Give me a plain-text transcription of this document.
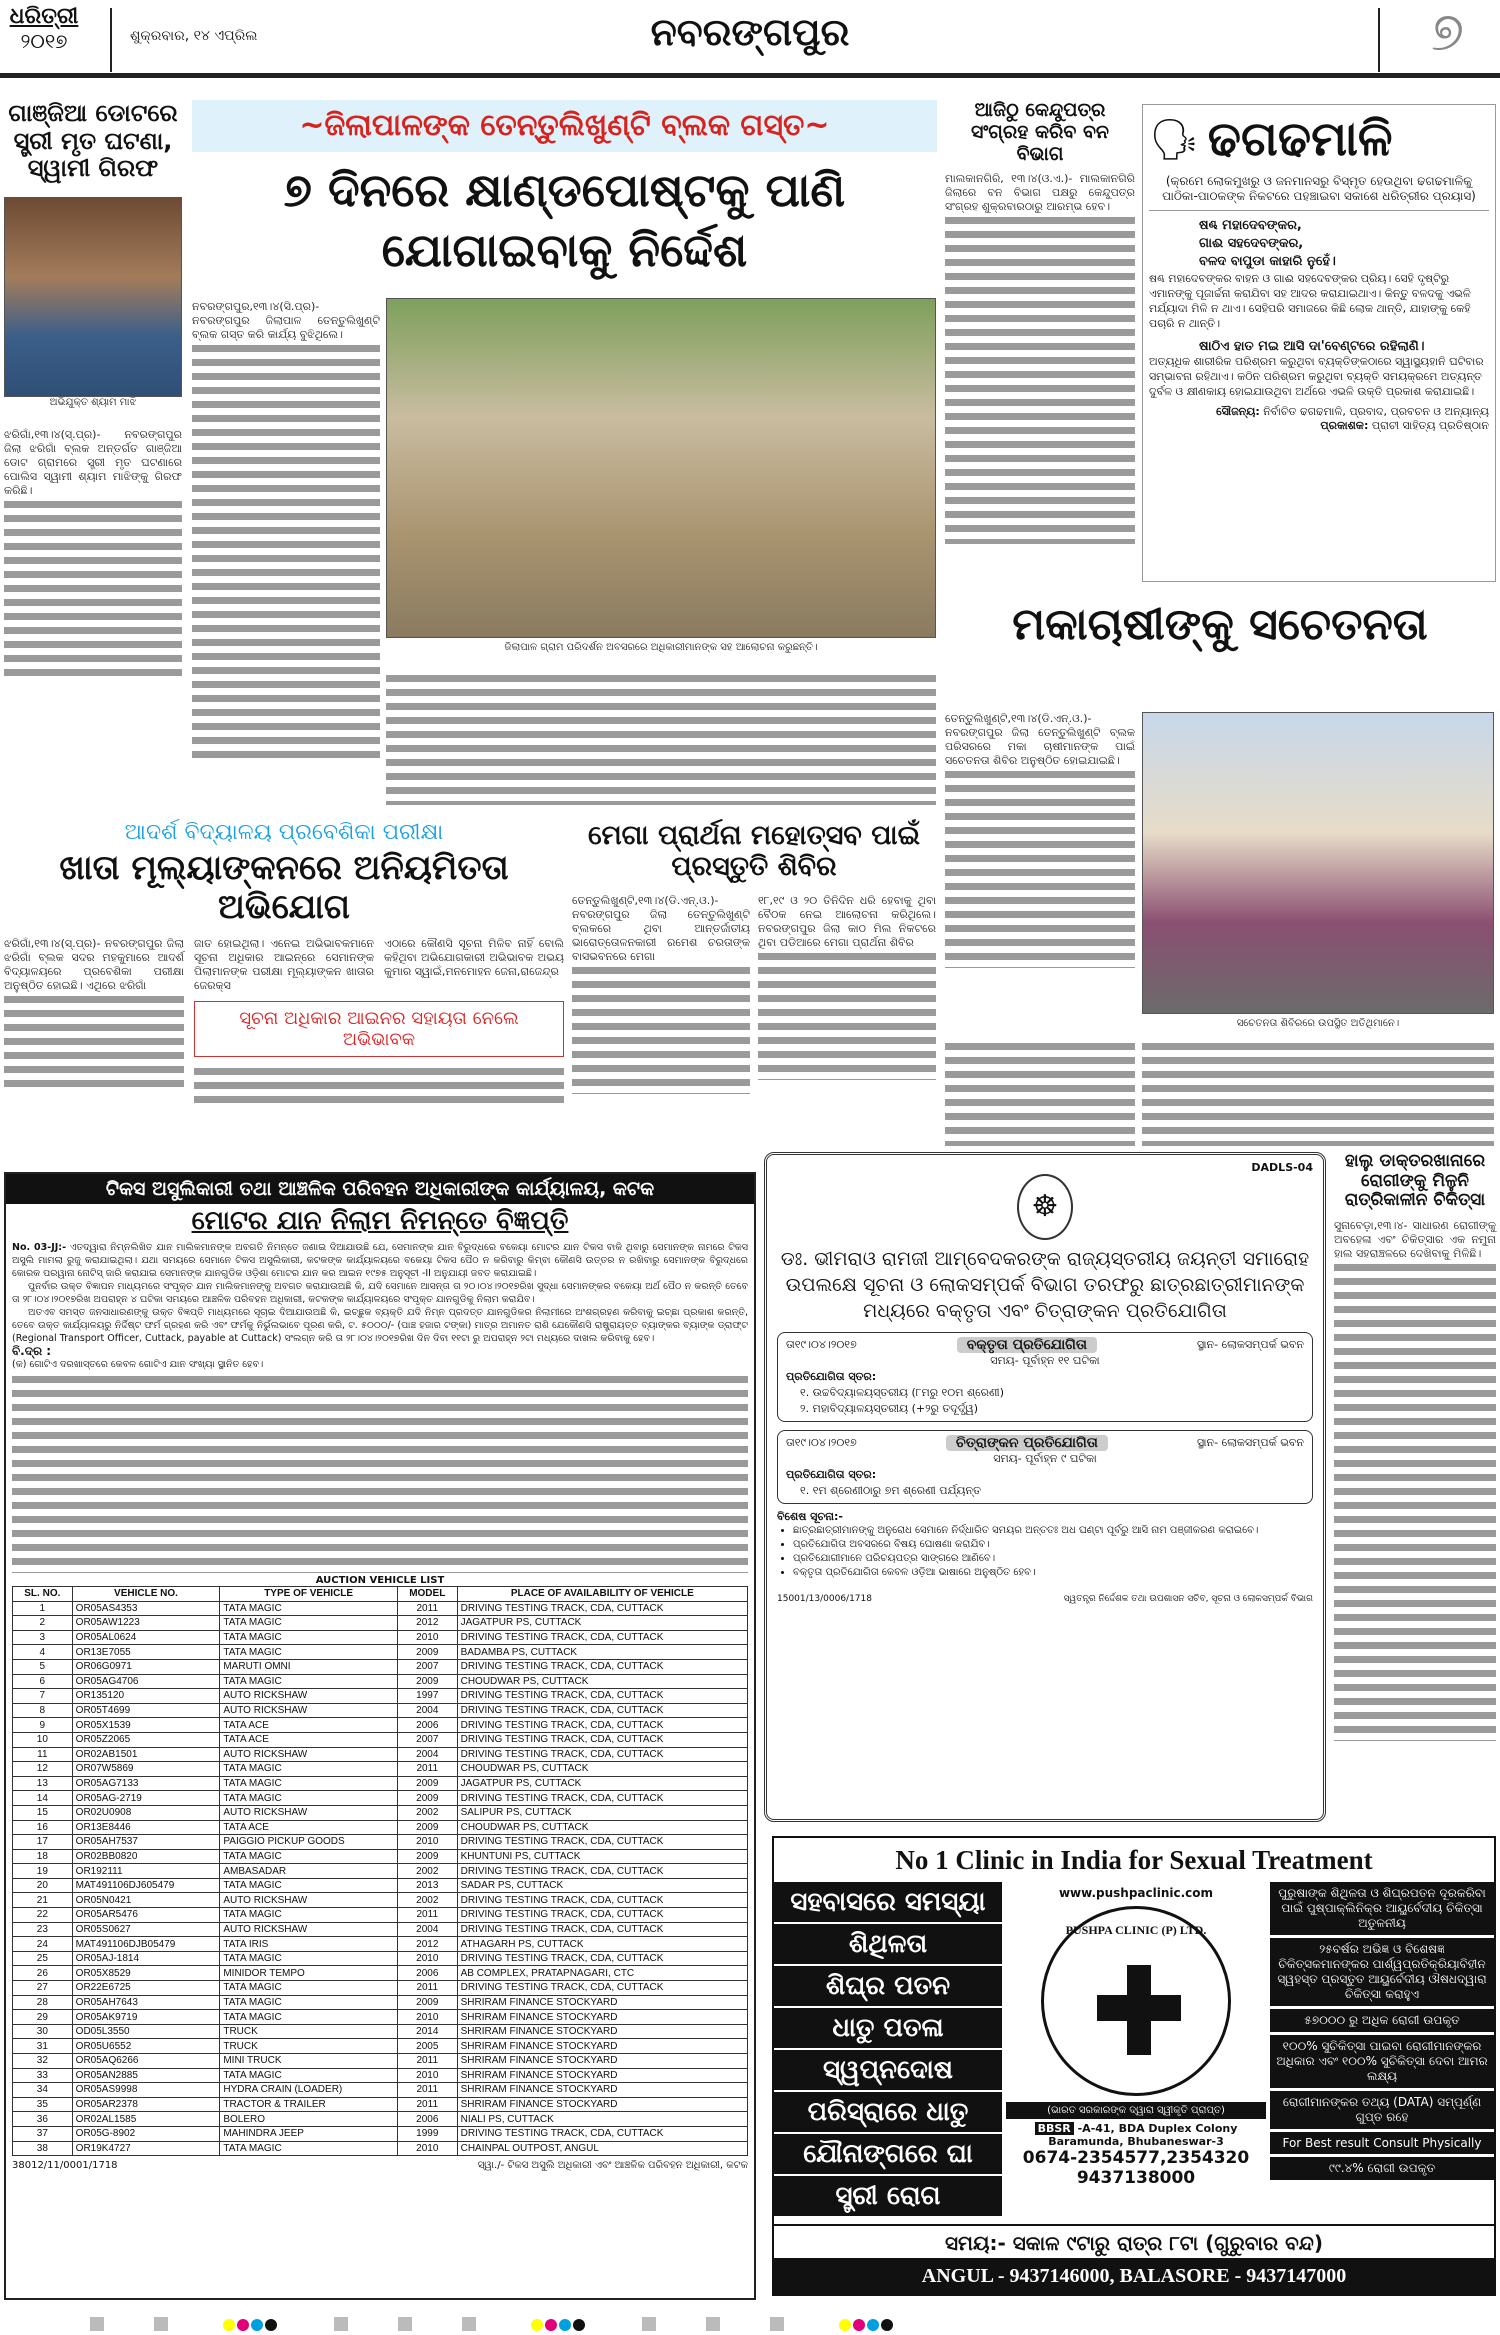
ଧରିତ୍ରୀ
୨୦୧୭	ଶୁକ୍ରବାର, ୧୪ ଏପ୍ରିଲ	ନବରଙ୍ଗପୁର	୭
ଗାଞ୍ଜିଆ ଡୋଟରେ ସ୍ତ୍ରୀ ମୃତ ଘଟଣା, ସ୍ୱାମୀ ଗିରଫ
ଅଭିଯୁକ୍ତ ଶ୍ୟାମ ମାଝି
ଝରିଗାଁ,୧୩।୪(ସ୍.ପ୍ର)- ନବରଙ୍ଗପୁର ଜିଲା ଝରିଗାଁ ବ୍ଲକ ଅନ୍ତର୍ଗତ ଗାଞ୍ଜିଆ ଡୋଟ ଗ୍ରାମରେ ସ୍ତ୍ରୀ ମୃତ ଘଟଣାରେ ପୋଲିସ ସ୍ୱାମୀ ଶ୍ୟାମ ମାଝିଙ୍କୁ ଗିରଫ କରିଛି।
~ଜିଲାପାଳଙ୍କ ତେନ୍ତୁଲିଖୁଣ୍ଟି ବ୍ଲକ ଗସ୍ତ~
୭ ଦିନରେ କ୍ଷାଣ୍ଡପୋଷ୍ଟକୁ ପାଣି ଯୋଗାଇବାକୁ ନିର୍ଦ୍ଦେଶ
ନବରଙ୍ଗପୁର,୧୩।୪(ସି.ପ୍ର)- ନବରଙ୍ଗପୁର ଜିଲାପାଳ ତେନ୍ତୁଲିଖୁଣ୍ଟି ବ୍ଲକ ଗସ୍ତ କରି କାର୍ଯ୍ୟ ବୁଝିଥିଲେ।
ଜିଲାପାଳ ଗ୍ରାମ ପରିଦର୍ଶନ ଅବସରରେ ଅଧିକାରୀମାନଙ୍କ ସହ ଆଲୋଚନା କରୁଛନ୍ତି।
ଆଜିଠୁ କେନ୍ଦୁପତ୍ର ସଂଗ୍ରହ କରିବ ବନ ବିଭାଗ
ମାଲକାନଗିରି, ୧୩।୪(ଓ.ଏ.)- ମାଲକାନଗିରି ଜିଲାରେ ବନ ବିଭାଗ ପକ୍ଷରୁ କେନ୍ଦୁପତ୍ର ସଂଗ୍ରହ ଶୁକ୍ରବାରଠାରୁ ଆରମ୍ଭ ହେବ।
🗣 ଢଗଢମାଳି
(କ୍ରମେ ଲୋକମୁଖରୁ ଓ ଜନମାନସରୁ ବିସ୍ମୃତ ହେଉଥିବା ଢଗଢମାଳିକୁ ପାଠିକା-ପାଠକଙ୍କ ନିକଟରେ ପହଞ୍ଚାଇବା ସକାଶେ ଧରିତ୍ରୀର ପ୍ରୟାସ)
ଷଣ୍ଢ ମହାଦେବଙ୍କର,
ଗାଈ ସହଦେବଙ୍କର,
ବଳଦ ବାପୁଡା କାହାରି ନୁହେଁ।
ଷଣ୍ଢ ମହାଦେବଙ୍କର ବାହନ ଓ ଗାଈ ସହଦେବଙ୍କର ପ୍ରିୟ। ସେହି ଦୃଷ୍ଟିରୁ ଏମାନଙ୍କୁ ପୂଜାର୍ଚ୍ଚନା କରାଯିବା ସହ ଆଦର କରାଯାଇଥାଏ। କିନ୍ତୁ ବଳଦକୁ ଏଭଳି ମର୍ଯ୍ୟାଦା ମିଳି ନ ଥାଏ। ସେହିପରି ସମାଜରେ କିଛି ଲୋକ ଥାନ୍ତି, ଯାହାଙ୍କୁ କେହି ପଚାରି ନ ଥାନ୍ତି।
ଷାଠିଏ ହାତ ମଇ ଆସି ଦା'ବେଣ୍ଟରେ ରହିଲାଣି।
ଅତ୍ୟଧିକ ଶାରୀରିକ ପରିଶ୍ରମ କରୁଥିବା ବ୍ୟକ୍ତିଙ୍କଠାରେ ସ୍ୱାସ୍ଥ୍ୟହାନି ଘଟିବାର ସମ୍ଭାବନା ରହିଥାଏ। କଠିନ ପରିଶ୍ରମ କରୁଥିବା ବ୍ୟକ୍ତି ସମୟକ୍ରମେ ଅତ୍ୟନ୍ତ ଦୁର୍ବଳ ଓ କ୍ଷୀଣକାୟ ହୋଇଯାଉଥିବା ଅର୍ଥରେ ଏଭଳି ଉକ୍ତି ପ୍ରକାଶ କରାଯାଇଛି।
ସୌଜନ୍ୟ: ନିର୍ବାଚିତ ଢଗଢମାଳି, ପ୍ରବାଦ, ପ୍ରବଚନ ଓ ଅନ୍ୟାନ୍ୟ
ପ୍ରକାଶକ: ପ୍ରାଚୀ ସାହିତ୍ୟ ପ୍ରତିଷ୍ଠାନ
ମକାଚାଷୀଙ୍କୁ ସଚେତନତା
ତେନ୍ତୁଲିଖୁଣ୍ଟି,୧୩।୪(ଡି.ଏନ୍.ଓ.)- ନବରଙ୍ଗପୁର ଜିଲା ତେନ୍ତୁଲିଖୁଣ୍ଟି ବ୍ଲକ ପରିସରରେ ମକା ଚାଷୀମାନଙ୍କ ପାଇଁ ସଚେତନତା ଶିବିର ଅନୁଷ୍ଠିତ ହୋଇଯାଇଛି।
ସଚେତନତା ଶିବିରରେ ଉପସ୍ଥିତ ଅତିଥିମାନେ।
ଆଦର୍ଶ ବିଦ୍ୟାଳୟ ପ୍ରବେଶିକା ପରୀକ୍ଷା
ଖାତା ମୂଲ୍ୟାଙ୍କନରେ ଅନିୟମିତତା ଅଭିଯୋଗ
ଝରିଗାଁ,୧୩।୪(ସ୍.ପ୍ର)- ନବରଙ୍ଗପୁର ଜିଲା ଝରିଗାଁ ବ୍ଲକ ସଦର ମହକୁମାରେ ଆଦର୍ଶ ବିଦ୍ୟାଳୟରେ ପ୍ରବେଶିକା ପରୀକ୍ଷା ଅନୁଷ୍ଠିତ ହୋଇଛି। ଏଥିରେ ଝରିଗାଁ
ଜାତ ହୋଇଥିଲା। ଏନେଇ ଅଭିଭାବକମାନେ ସୂଚନା ଅଧିକାର ଆଇନ୍‌ରେ ସେମାନଙ୍କ ପିଲାମାନଙ୍କ ପରୀକ୍ଷା ମୂଲ୍ୟାଙ୍କନ ଖାତାର ଜେରକ୍ସ
ଏଠାରେ କୌଣସି ସୂଚନା ମିଳିବ ନାହିଁ ବୋଲି କହିଥିବା ଅଭିଯୋଗକାରୀ ଅଭିଭାବକ ଅଭୟ କୁମାର ସ୍ୱାଇଁ,ମନମୋହନ ଜେନା,ରାଜେନ୍ଦ୍ର
ସୂଚନା ଅଧିକାର ଆଇନର ସହାୟତା ନେଲେ ଅଭିଭାବକ
ମେଗା ପ୍ରାର୍ଥନା ମହୋତ୍ସବ ପାଇଁ ପ୍ରସ୍ତୁତି ଶିବିର
ତେନ୍ତୁଲିଖୁଣ୍ଟି,୧୩।୪(ଡି.ଏନ୍.ଓ.)- ନବରଙ୍ଗପୁର ଜିଲା ତେନ୍ତୁଲିଖୁଣ୍ଟି ବ୍ଲକରେ ଥିବା ଆନ୍ତର୍ଜାତୀୟ ଭାରୋତ୍ତୋଳନକାରୀ ରମେଶ ଚରତାଙ୍କ ବାସଭବନରେ ମେଗା
୧୮,୧୯ ଓ ୨୦ ତିନିଦିନ ଧରି ହେବାକୁ ଥିବା ବୈଠକ ନେଇ ଆଲୋଚନା କରିଥିଲେ। ନବରଙ୍ଗପୁର ଜିଲା କାଠ ମିଲ ନିକଟରେ ଥିବା ପଡିଆରେ ମେଗା ପ୍ରାର୍ଥନା ଶିବିର
ଟିକସ ଅସୁଲିକାରୀ ତଥା ଆଞ୍ଚଳିକ ପରିବହନ ଅଧିକାରୀଙ୍କ କାର୍ଯ୍ୟାଳୟ, କଟକ
ମୋଟର ଯାନ ନିଲାମ ନିମନ୍ତେ ବିଜ୍ଞପ୍ତି

No. 03-JJ:- ଏତଦ୍ୱାରା ନିମ୍ନଲିଖିତ ଯାନ ମାଲିକମାନଙ୍କ ଅବଗତି ନିମନ୍ତେ ଜଣାଇ ଦିଆଯାଉଛି ଯେ, ସେମାନଙ୍କ ଯାନ ବିରୁଦ୍ଧରେ ବକେୟା ମୋଟର ଯାନ ଟିକସ ବାକି ଥିବାରୁ ସେମାନଙ୍କ ନାମରେ ଟିକସ ଅସୁଲି ମାମଲା ରୁଜୁ କରାଯାଇଥିଲା। ଯଥା ସମୟରେ ସେମାନେ ଟିକସ ଅସୁଲିକାରୀ, କଟକଙ୍କ କାର୍ଯ୍ୟାଳୟରେ ବକେୟା ଟିକସ ପୈଠ ନ କରିବାରୁ କିମ୍ବା କୌଣସି ଉତ୍ତର ନ ରଖିବାରୁ ସେମାନଙ୍କ ବିରୁଦ୍ଧରେ କୋରକ ପରୱାନା ନୋଟିସ୍ ଜାରି କରାଯାଇ ସେମାନଙ୍କ ଯାନଗୁଡିକ ଓଡ଼ିଶା ମୋଟର ଯାନ କର ଆଇନ ୧୯୭୫ ଅନୁସୂଚୀ -II ଅନୁଯାୟୀ ଜବତ କରାଯାଇଛି।

ପୁନର୍ବାର ଉକ୍ତ ବିଜ୍ଞାପନ ମାଧ୍ୟମରେ ସଂପୃକ୍ତ ଯାନ ମାଲିକମାନଙ୍କୁ ଅବଗତ କରାଯାଉଅଛି କି, ଯଦି ସେମାନେ ଆସନ୍ତା ତା ୨୦।୦୪।୨୦୧୭ରିଖ ସୁଦ୍ଧା ସେମାନଙ୍କର ବକେୟା ଅର୍ଥ ପୈଠ ନ କରନ୍ତି ତେବେ ତା ୨୮।୦୪।୨୦୧୭ରିଖ ଅପରାହ୍ନ ୪ ଘଟିକା ସମୟରେ ଆଞ୍ଚଳିକ ପରିବହନ ଅଧିକାରୀ, କଟକଙ୍କ କାର୍ଯ୍ୟାଳୟରେ ସଂପୃକ୍ତ ଯାନଗୁଡିକୁ ନିଲାମ କରାଯିବ।

ଅତଏବ ସମସ୍ତ ଜନସାଧାରଣଙ୍କୁ ଉକ୍ତ ବିଜ୍ଞପ୍ତି ମାଧ୍ୟମରେ ସୂଚାଇ ଦିଆଯାଉଅଛି କି, ଇଚ୍ଛୁକ ବ୍ୟକ୍ତି ଯଦି ନିମ୍ନ ପ୍ରଦତ୍ତ ଯାନଗୁଡିକର ନିଲାମୀରେ ଅଂଶଗ୍ରହଣ କରିବାକୁ ଇଚ୍ଛା ପ୍ରକାଶ କରନ୍ତି, ତେବେ ଉକ୍ତ କାର୍ଯ୍ୟାଳୟରୁ ନିର୍ଦ୍ଦିଷ୍ଟ ଫର୍ମ ଗ୍ରହଣ କରି ଏବଂ ଫର୍ମକୁ ନିର୍ଭୁଲଭାବେ ପୂରଣ କରି, ଟ. ୫୦୦୦/- (ପାଞ୍ଚ ହଜାର ଟଙ୍କା) ମାତ୍ର ଅମାନତ ରାଶି ଯେକୌଣସି ରାଷ୍ଟ୍ରାୟତ୍ତ ବ୍ୟାଙ୍କର ବ୍ୟାଙ୍କ ଡ୍ରାଫ୍ଟ (Regional Transport Officer, Cuttack, payable at Cuttack) ସଂଲଗ୍ନ କରି ତା ୨୮।୦୪।୨୦୧୭ରିଖ ଦିନ ଦିବା ୧୧ଟା ରୁ ଅପରାହ୍ନ ୨ଟା ମଧ୍ୟରେ ଦାଖଲ କରିବାକୁ ହେବ।

ବି.ଦ୍ର :

(କ) ଗୋଟିଏ ଦରଖାସ୍ତରେ କେବଳ ଗୋଟିଏ ଯାନ ସଂଖ୍ୟା ସ୍ଥାନିତ ହେବ।

AUCTION VEHICLE LIST
SL. NO.	VEHICLE NO.	TYPE OF VEHICLE	MODEL	PLACE OF AVAILABILITY OF VEHICLE
1	OR05AS4353	TATA MAGIC	2011	DRIVING TESTING TRACK, CDA, CUTTACK
2	OR05AW1223	TATA MAGIC	2012	JAGATPUR PS, CUTTACK
3	OR05AL0624	TATA MAGIC	2010	DRIVING TESTING TRACK, CDA, CUTTACK
4	OR13E7055	TATA MAGIC	2009	BADAMBA PS, CUTTACK
5	OR06G0971	MARUTI OMNI	2007	DRIVING TESTING TRACK, CDA, CUTTACK
6	OR05AG4706	TATA MAGIC	2009	CHOUDWAR PS, CUTTACK
7	OR135120	AUTO RICKSHAW	1997	DRIVING TESTING TRACK, CDA, CUTTACK
8	OR05T4699	AUTO RICKSHAW	2004	DRIVING TESTING TRACK, CDA, CUTTACK
9	OR05X1539	TATA ACE	2006	DRIVING TESTING TRACK, CDA, CUTTACK
10	OR05Z2065	TATA ACE	2007	DRIVING TESTING TRACK, CDA, CUTTACK
11	OR02AB1501	AUTO RICKSHAW	2004	DRIVING TESTING TRACK, CDA, CUTTACK
12	OR07W5869	TATA MAGIC	2011	CHOUDWAR PS, CUTTACK
13	OR05AG7133	TATA MAGIC	2009	JAGATPUR PS, CUTTACK
14	OR05AG-2719	TATA MAGIC	2009	DRIVING TESTING TRACK, CDA, CUTTACK
15	OR02U0908	AUTO RICKSHAW	2002	SALIPUR PS, CUTTACK
16	OR13E8446	TATA ACE	2009	CHOUDWAR PS, CUTTACK
17	OR05AH7537	PAIGGIO PICKUP GOODS	2010	DRIVING TESTING TRACK, CDA, CUTTACK
18	OR02BB0820	TATA MAGIC	2009	KHUNTUNI PS, CUTTACK
19	OR192111	AMBASADAR	2002	DRIVING TESTING TRACK, CDA, CUTTACK
20	MAT491106DJ605479	TATA MAGIC	2013	SADAR PS, CUTTACK
21	OR05N0421	AUTO RICKSHAW	2002	DRIVING TESTING TRACK, CDA, CUTTACK
22	OR05AR5476	TATA MAGIC	2011	DRIVING TESTING TRACK, CDA, CUTTACK
23	OR05S0627	AUTO RICKSHAW	2004	DRIVING TESTING TRACK, CDA, CUTTACK
24	MAT491106DJB05479	TATA IRIS	2012	ATHAGARH PS, CUTTACK
25	OR05AJ-1814	TATA MAGIC	2010	DRIVING TESTING TRACK, CDA, CUTTACK
26	OR05X8529	MINIDOR TEMPO	2006	AB COMPLEX, PRATAPNAGARI, CTC
27	OR22E6725	TATA MAGIC	2011	DRIVING TESTING TRACK, CDA, CUTTACK
28	OR05AH7643	TATA MAGIC	2009	SHRIRAM FINANCE STOCKYARD
29	OR05AK9719	TATA MAGIC	2010	SHRIRAM FINANCE STOCKYARD
30	OD05L3550	TRUCK	2014	SHRIRAM FINANCE STOCKYARD
31	OR05U6552	TRUCK	2005	SHRIRAM FINANCE STOCKYARD
32	OR05AQ6266	MINI TRUCK	2011	SHRIRAM FINANCE STOCKYARD
33	OR05AN2885	TATA MAGIC	2010	SHRIRAM FINANCE STOCKYARD
34	OR05AS9998	HYDRA CRAIN (LOADER)	2011	SHRIRAM FINANCE STOCKYARD
35	OR05AR2378	TRACTOR & TRAILER	2011	SHRIRAM FINANCE STOCKYARD
36	OR02AL1585	BOLERO	2006	NIALI PS, CUTTACK
37	OR05G-8902	MAHINDRA JEEP	1999	DRIVING TESTING TRACK, CDA, CUTTACK
38	OR19K4727	TATA MAGIC	2010	CHAINPAL OUTPOST, ANGUL
38012/11/0001/1718	ସ୍ୱା./- ଟିକସ ଅସୁଲି ଅଧିକାରୀ ଏବଂ ଆଞ୍ଚଳିକ ପରିବହନ ଅଧିକାରୀ, କଟକ
DADLS-04
☸
ଡଃ. ଭୀମରାଓ ରାମଜୀ ଆମ୍ବେଦକରଙ୍କ ରାଜ୍ୟସ୍ତରୀୟ ଜୟନ୍ତୀ ସମାରୋହ ଉପଲକ୍ଷେ ସୂଚନା ଓ ଲୋକସମ୍ପର୍କ ବିଭାଗ ତରଫରୁ ଛାତ୍ରଛାତ୍ରୀମାନଙ୍କ ମଧ୍ୟରେ ବକ୍ତୃତା ଏବଂ ଚିତ୍ରାଙ୍କନ ପ୍ରତିଯୋଗିତା
ତା୧୯।୦୪।୨୦୧୭	ବକ୍ତୃତା ପ୍ରତିଯୋଗିତା	ସ୍ଥାନ- ଲୋକସମ୍ପର୍କ ଭବନ
ସମୟ- ପୂର୍ବାହ୍ନ ୧୧ ଘଟିକା
ପ୍ରତିଯୋଗିତା ସ୍ତର:
୧. ଉଚ୍ଚବିଦ୍ୟାଳୟସ୍ତରୀୟ (୮ମରୁ ୧୦ମ ଶ୍ରେଣୀ)
୨. ମହାବିଦ୍ୟାଳୟସ୍ତରୀୟ (+୨ରୁ ତଦୂର୍ଦ୍ଧ୍ୱ)
ତା୧୯।୦୪।୨୦୧୭	ଚିତ୍ରାଙ୍କନ ପ୍ରତିଯୋଗିତା	ସ୍ଥାନ- ଲୋକସମ୍ପର୍କ ଭବନ
ସମୟ- ପୂର୍ବାହ୍ନ ୯ ଘଟିକା
ପ୍ରତିଯୋଗିତା ସ୍ତର:
୧. ୧ମ ଶ୍ରେଣୀଠାରୁ ୭ମ ଶ୍ରେଣୀ ପର୍ଯ୍ୟନ୍ତ
ବିଶେଷ ସୂଚନା:-
• ଛାତ୍ରଛାତ୍ରୀମାନଙ୍କୁ ଅନୁରୋଧ ସେମାନେ ନିର୍ଦ୍ଧାରିତ ସମୟର ଅନ୍ତତଃ ଅଧ ଘଣ୍ଟା ପୂର୍ବରୁ ଆସି ନାମ ପଞ୍ଜୀକରଣ କରାଇବେ।
• ପ୍ରତିଯୋଗିତା ଅବସରରେ ବିଷୟ ଘୋଷଣା କରାଯିବ।
• ପ୍ରତିଯୋଗୀମାନେ ପରିଚୟପତ୍ର ସାଙ୍ଗରେ ଆଣିବେ।
• ବକ୍ତୃତା ପ୍ରତିଯୋଗିତା କେବଳ ଓଡ଼ିଆ ଭାଷାରେ ଅନୁଷ୍ଠିତ ହେବ।
15001/13/0006/1718	ସ୍ୱତନ୍ତ୍ର ନିର୍ଦ୍ଦେଶକ ତଥା ଉପଶାସନ ସଚିବ, ସୂଚନା ଓ ଲୋକସମ୍ପର୍କ ବିଭାଗ
ହାଲୁ ଡାକ୍ତରଖାନାରେ ରୋଗୀଙ୍କୁ ମିଳୁନି ରାତ୍ରିକାଳୀନ ଚିକିତ୍ସା
ସୁନାବେଡ଼ା,୧୩।୪- ସାଧାରଣ ରୋଗୀଙ୍କୁ ଅବହେଳା ଏବଂ ଚିକିତ୍ସାର ଏକ ନମୁନା ହାଲ ସହରାଞ୍ଚଳରେ ଦେଖିବାକୁ ମିଳିଛି।
No 1 Clinic in India for Sexual Treatment
ସହବାସରେ ସମସ୍ୟା
ଶିଥିଳତା
ଶିଘ୍ର ପତନ
ଧାତୁ ପତଳା
ସ୍ୱପ୍ନଦୋଷ
ପରିସ୍ରାରେ ଧାତୁ
ଯୌନାଙ୍ଗରେ ଘା
ସ୍ତ୍ରୀ ରୋଗ
www.pushpaclinic.com
PUSHPA CLINIC (P) LTD.
(ଭାରତ ସରକାରଙ୍କ ଦ୍ୱାରା ସ୍ୱୀକୃତି ପ୍ରାପ୍ତ)
BBSR -A-41, BDA Duplex Colony Baramunda, Bhubaneswar-3
0674-2354577,2354320
9437138000
ପୁରୁଷାଙ୍କ ଶିଥିଳତା ଓ ଶିଘ୍ରପତନ ଦୂରକରିବା ପାଇଁ ପୁଷ୍ପାକ୍ଲିନିକ୍‌ର ଆୟୁର୍ବେଦୀୟ ଚିକିତ୍ସା ଅତୁଳନୀୟ
୨୫ବର୍ଷର ଅଭିଜ୍ଞ ଓ ବିଶେଷଜ୍ଞ ଚିକିତ୍ସକମାନଙ୍କର ପାର୍ଶ୍ୱପ୍ରତିକ୍ରିୟାବିହୀନ ସ୍ୱହସ୍ତ ପ୍ରସ୍ତୁତ ଆୟୁର୍ବେଦୀୟ ଔଷଧଦ୍ୱାରା ଚିକିତ୍ସା କରାହୁଏ
୫୭୦୦୦ ରୁ ଅଧିକ ରୋଗୀ ଉପକୃତ
୧୦୦% ସୁଚିକିତ୍ସା ପାଇବା ରୋଗୀମାନଙ୍କର ଅଧିକାର ଏବଂ ୧୦୦% ସୁଚିକିତ୍ସା ଦେବା ଆମର ଲକ୍ଷ୍ୟ
ରୋଗୀମାନଙ୍କର ତଥ୍ୟ (DATA) ସମ୍ପୂର୍ଣ୍ଣ ଗୁପ୍ତ ରହେ
For Best result Consult Physically
୯୯.୪% ରୋଗୀ ଉପକୃତ
ସମୟ:- ସକାଳ ୯ଟାରୁ ରାତ୍ର ୮ଟା (ଗୁରୁବାର ବନ୍ଦ)
ANGUL - 9437146000, BALASORE - 9437147000
